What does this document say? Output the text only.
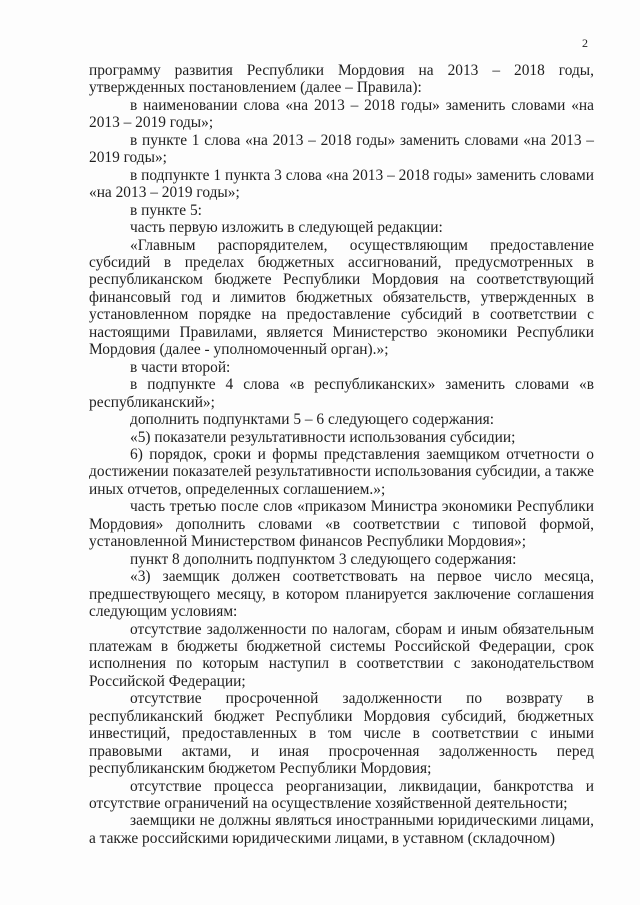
2

программу развития Республики Мордовия на 2013 – 2018 годы, утвержденных постановлением (далее – Правила):

в наименовании слова «на 2013 – 2018 годы» заменить словами «на 2013 – 2019 годы»;

в пункте 1 слова «на 2013 – 2018 годы» заменить словами «на 2013 – 2019 годы»;

в подпункте 1 пункта 3 слова «на 2013 – 2018 годы» заменить словами «на 2013 – 2019 годы»;

в пункте 5:

часть первую изложить в следующей редакции:

«Главным распорядителем, осуществляющим предоставление субсидий в пределах бюджетных ассигнований, предусмотренных в республиканском бюджете Республики Мордовия на соответствующий финансовый год и лимитов бюджетных обязательств, утвержденных в установленном порядке на предоставление субсидий в соответствии с настоящими Правилами, является Министерство экономики Республики Мордовия (далее - уполномоченный орган).»;

в части второй:

в подпункте 4 слова «в республиканских» заменить словами «в республиканский»;

дополнить подпунктами 5 – 6 следующего содержания:

«5) показатели результативности использования субсидии;

6) порядок, сроки и формы представления заемщиком отчетности о достижении показателей результативности использования субсидии, а также иных отчетов, определенных соглашением.»;

часть третью после слов «приказом Министра экономики Республики Мордовия» дополнить словами «в соответствии с типовой формой, установленной Министерством финансов Республики Мордовия»;

пункт 8 дополнить подпунктом 3 следующего содержания:

«3) заемщик должен соответствовать на первое число месяца, предшествующего месяцу, в котором планируется заключение соглашения следующим условиям:

отсутствие задолженности по налогам, сборам и иным обязательным платежам в бюджеты бюджетной системы Российской Федерации, срок исполнения по которым наступил в соответствии с законодательством Российской Федерации;

отсутствие просроченной задолженности по возврату в республиканский бюджет Республики Мордовия субсидий, бюджетных инвестиций, предоставленных в том числе в соответствии с иными правовыми актами, и иная просроченная задолженность перед республиканским бюджетом Республики Мордовия;

отсутствие процесса реорганизации, ликвидации, банкротства и отсутствие ограничений на осуществление хозяйственной деятельности;

заемщики не должны являться иностранными юридическими лицами, а также российскими юридическими лицами, в уставном (складочном)
